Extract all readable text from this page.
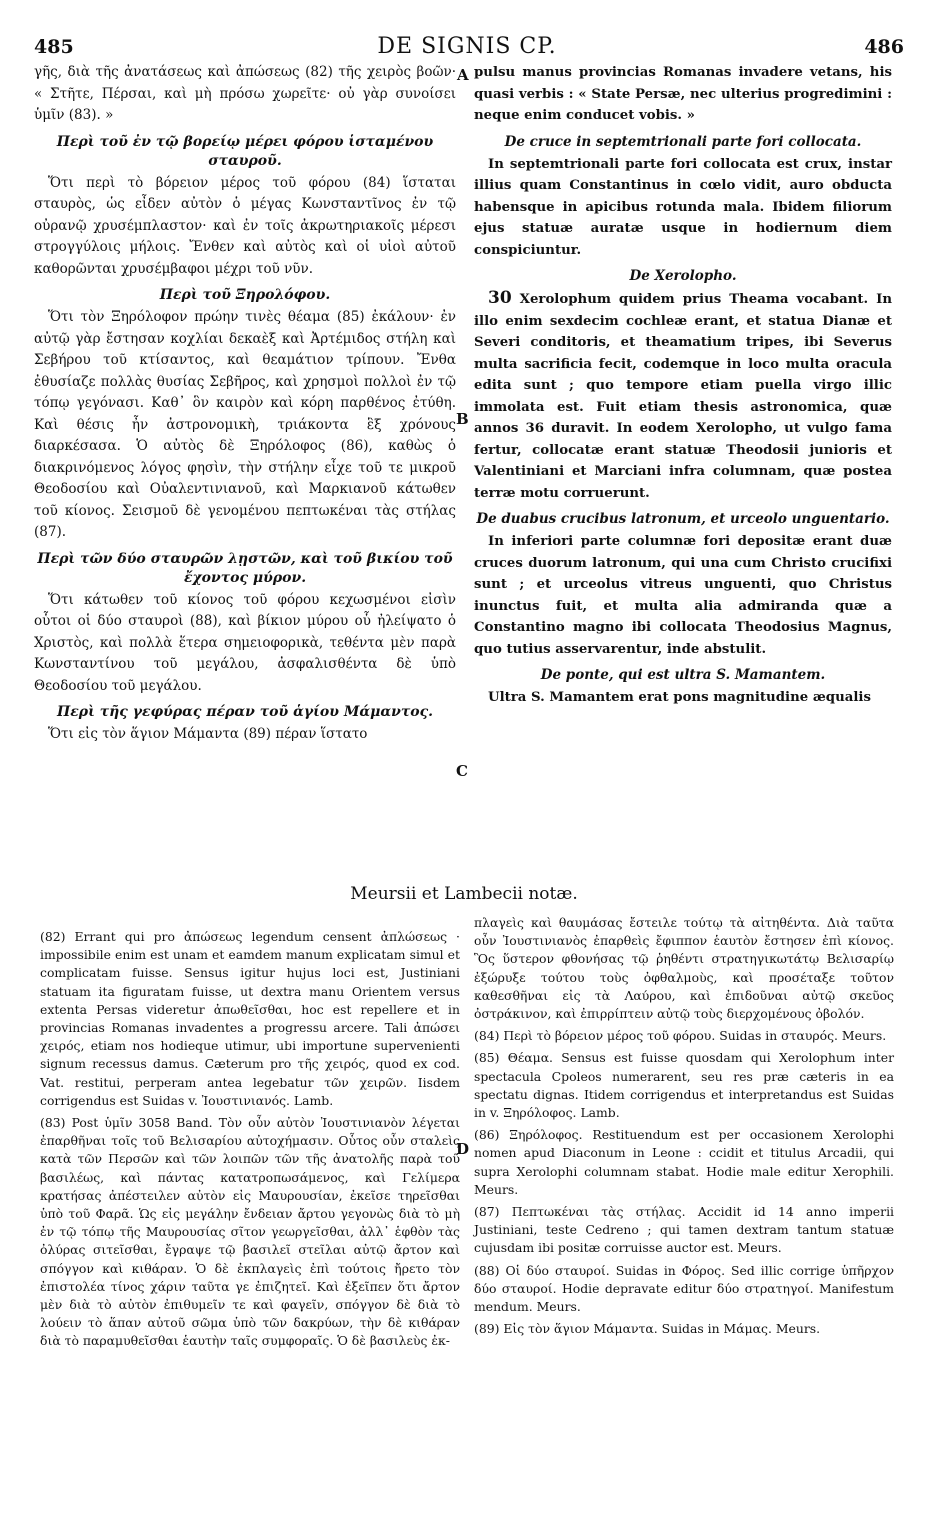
485	DE SIGNIS CP.	486
A
B
C
D

γῆς, διὰ τῆς ἀνατάσεως καὶ ἀπώσεως (82) τῆς χειρὸς βοῶν· « Στῆτε, Πέρσαι, καὶ μὴ πρόσω χωρεῖτε· οὐ γὰρ συνοίσει ὑμῖν (83). »

Περὶ τοῦ ἐν τῷ βορείῳ μέρει φόρου ἱσταμένου σταυροῦ.

Ὅτι περὶ τὸ βόρειον μέρος τοῦ φόρου (84) ἵσταται σταυρὸς, ὡς εἶδεν αὐτὸν ὁ μέγας Κωνσταντῖνος ἐν τῷ οὐρανῷ χρυσέμπλαστον· καὶ ἐν τοῖς ἀκρωτηριακοῖς μέρεσι στρογγύλοις μήλοις. Ἔνθεν καὶ αὐτὸς καὶ οἱ υἱοὶ αὐτοῦ καθορῶνται χρυσέμβαφοι μέχρι τοῦ νῦν.

Περὶ τοῦ Ξηρολόφου.

Ὅτι τὸν Ξηρόλοφον πρώην τινὲς θέαμα (85) ἐκάλουν· ἐν αὐτῷ γὰρ ἔστησαν κοχλίαι δεκαὲξ καὶ Ἀρτέμιδος στήλη καὶ Σεβήρου τοῦ κτίσαντος, καὶ θεαμάτιον τρίπουν. Ἔνθα ἐθυσίαζε πολλὰς θυσίας Σεβῆρος, καὶ χρησμοὶ πολλοὶ ἐν τῷ τόπῳ γεγόνασι. Καθ᾿ ὃν καιρὸν καὶ κόρη παρθένος ἐτύθη. Καὶ θέσις ἦν ἀστρονομικὴ, τριάκοντα ἓξ χρόνους διαρκέσασα. Ὁ αὐτὸς δὲ Ξηρόλοφος (86), καθὼς ὁ διακρινόμενος λόγος φησὶν, τὴν στήλην εἶχε τοῦ τε μικροῦ Θεοδοσίου καὶ Οὐαλεντινιανοῦ, καὶ Μαρκιανοῦ κάτωθεν τοῦ κίονος. Σεισμοῦ δὲ γενομένου πεπτωκέναι τὰς στήλας (87).

Περὶ τῶν δύο σταυρῶν λῃστῶν, καὶ τοῦ βικίου τοῦ ἔχοντος μύρον.

Ὅτι κάτωθεν τοῦ κίονος τοῦ φόρου κεχωσμένοι εἰσὶν οὗτοι οἱ δύο σταυροὶ (88), καὶ βίκιον μύρου οὗ ἠλείψατο ὁ Χριστὸς, καὶ πολλὰ ἕτερα σημειοφορικὰ, τεθέντα μὲν παρὰ Κωνσταντίνου τοῦ μεγάλου, ἀσφαλισθέντα δὲ ὑπὸ Θεοδοσίου τοῦ μεγάλου.

Περὶ τῆς γεφύρας πέραν τοῦ ἁγίου Μάμαντος.

Ὅτι εἰς τὸν ἅγιον Μάμαντα (89) πέραν ἵστατο

pulsu manus provincias Romanas invadere vetans, his quasi verbis : « State Persæ, nec ulterius progredimini : neque enim conducet vobis. »

De cruce in septemtrionali parte fori collocata.

In septemtrionali parte fori collocata est crux, instar illius quam Constantinus in cœlo vidit, auro obducta habensque in apicibus rotunda mala. Ibidem filiorum ejus statuæ auratæ usque in hodiernum diem conspiciuntur.

De Xerolopho.

30 Xerolophum quidem prius Theama vocabant. In illo enim sexdecim cochleæ erant, et statua Dianæ et Severi conditoris, et theamatium tripes, ibi Severus multa sacrificia fecit, codemque in loco multa oracula edita sunt ; quo tempore etiam puella virgo illic immolata est. Fuit etiam thesis astronomica, quæ annos 36 duravit. In eodem Xerolopho, ut vulgo fama fertur, collocatæ erant statuæ Theodosii junioris et Valentiniani et Marciani infra columnam, quæ postea terræ motu corruerunt.

De duabus crucibus latronum, et urceolo unguentario.

In inferiori parte columnæ fori depositæ erant duæ cruces duorum latronum, qui una cum Christo crucifixi sunt ; et urceolus vitreus unguenti, quo Christus inunctus fuit, et multa alia admiranda quæ a Constantino magno ibi collocata Theodosius Magnus, quo tutius asservarentur, inde abstulit.

De ponte, qui est ultra S. Mamantem.

Ultra S. Mamantem erat pons magnitudine æqualis

Meursii et Lambecii notæ.

(82) Errant qui pro ἀπώσεως legendum censent ἀπλώσεως · impossibile enim est unam et eamdem manum explicatam simul et complicatam fuisse. Sensus igitur hujus loci est, Justiniani statuam ita figuratam fuisse, ut dextra manu Orientem versus extenta Persas videretur ἀπωθεῖσθαι, hoc est repellere et in provincias Romanas invadentes a progressu arcere. Tali ἀπώσει χειρός, etiam nos hodieque utimur, ubi importune supervenienti signum recessus damus. Cæterum pro τῆς χειρός, quod ex cod. Vat. restitui, perperam antea legebatur τῶν χειρῶν. Iisdem corrigendus est Suidas v. Ἰουστινιανός. Lamb.

(83) Post ὑμῖν 3058 Band. Τὸν οὖν αὐτὸν Ἰουστινιανὸν λέγεται ἐπαρθῆναι τοῖς τοῦ Βελισαρίου αὐτοχήμασιν. Οὗτος οὖν σταλεὶς κατὰ τῶν Περσῶν καὶ τῶν λοιπῶν τῶν τῆς ἀνατολῆς παρὰ τοῦ βασιλέως, καὶ πάντας κατατροπωσάμενος, καὶ Γελίμερα κρατήσας ἀπέστειλεν αὐτὸν εἰς Μαυρουσίαν, ἐκεῖσε τηρεῖσθαι ὑπὸ τοῦ Φαρᾶ. Ὡς εἰς μεγάλην ἔνδειαν ἄρτου γεγονὼς διὰ τὸ μὴ ἐν τῷ τόπῳ τῆς Μαυρουσίας σῖτον γεωργεῖσθαι, ἀλλ᾿ ἑφθὸν τὰς ὀλύρας σιτεῖσθαι, ἔγραψε τῷ βασιλεῖ στεῖλαι αὐτῷ ἄρτον καὶ σπόγγον καὶ κιθάραν. Ὁ δὲ ἐκπλαγεὶς ἐπὶ τούτοις ἤρετο τὸν ἐπιστολέα τίνος χάριν ταῦτα γε ἐπιζητεῖ. Καὶ ἐξεῖπεν ὅτι ἄρτον μὲν διὰ τὸ αὐτὸν ἐπιθυμεῖν τε καὶ φαγεῖν, σπόγγον δὲ διὰ τὸ λούειν τὸ ἅπαν αὐτοῦ σῶμα ὑπὸ τῶν δακρύων, τὴν δὲ κιθάραν διὰ τὸ παραμυθεῖσθαι ἑαυτὴν ταῖς συμφοραῖς. Ὁ δὲ βασιλεὺς ἐκ-

πλαγεὶς καὶ θαυμάσας ἔστειλε τούτῳ τὰ αἰτηθέντα. Διὰ ταῦτα οὖν Ἰουστινιανὸς ἐπαρθεὶς ἔφιππον ἑαυτὸν ἔστησεν ἐπὶ κίονος. Ὃς ὕστερον φθονήσας τῷ ῥηθέντι στρατηγικωτάτῳ Βελισαρίῳ ἐξώρυξε τούτου τοὺς ὀφθαλμοὺς, καὶ προσέταξε τοῦτον καθεσθῆναι εἰς τὰ Λαύρου, καὶ ἐπιδοῦναι αὐτῷ σκεῦος ὀστράκινον, καὶ ἐπιρρίπτειν αὐτῷ τοὺς διερχομένους ὀβολόν.

(84) Περὶ τὸ βόρειον μέρος τοῦ φόρου. Suidas in σταυρός. Meurs.

(85) Θέαμα. Sensus est fuisse quosdam qui Xerolophum inter spectacula Cpoleos numerarent, seu res præ cæteris in ea spectatu dignas. Itidem corrigendus et interpretandus est Suidas in v. Ξηρόλοφος. Lamb.

(86) Ξηρόλοφος. Restituendum est per occasionem Xerolophi nomen apud Diaconum in Leone : ccidit et titulus Arcadii, qui supra Xerolophi columnam stabat. Hodie male editur Xerophili. Meurs.

(87) Πεπτωκέναι τὰς στήλας. Accidit id 14 anno imperii Justiniani, teste Cedreno ; qui tamen dextram tantum statuæ cujusdam ibi positæ corruisse auctor est. Meurs.

(88) Οἱ δύο σταυροί. Suidas in Φόρος. Sed illic corrige ὑπῆρχον δύο σταυροί. Hodie depravate editur δύο στρατηγοί. Manifestum mendum. Meurs.

(89) Εἰς τὸν ἅγιον Μάμαντα. Suidas in Μάμας. Meurs.
